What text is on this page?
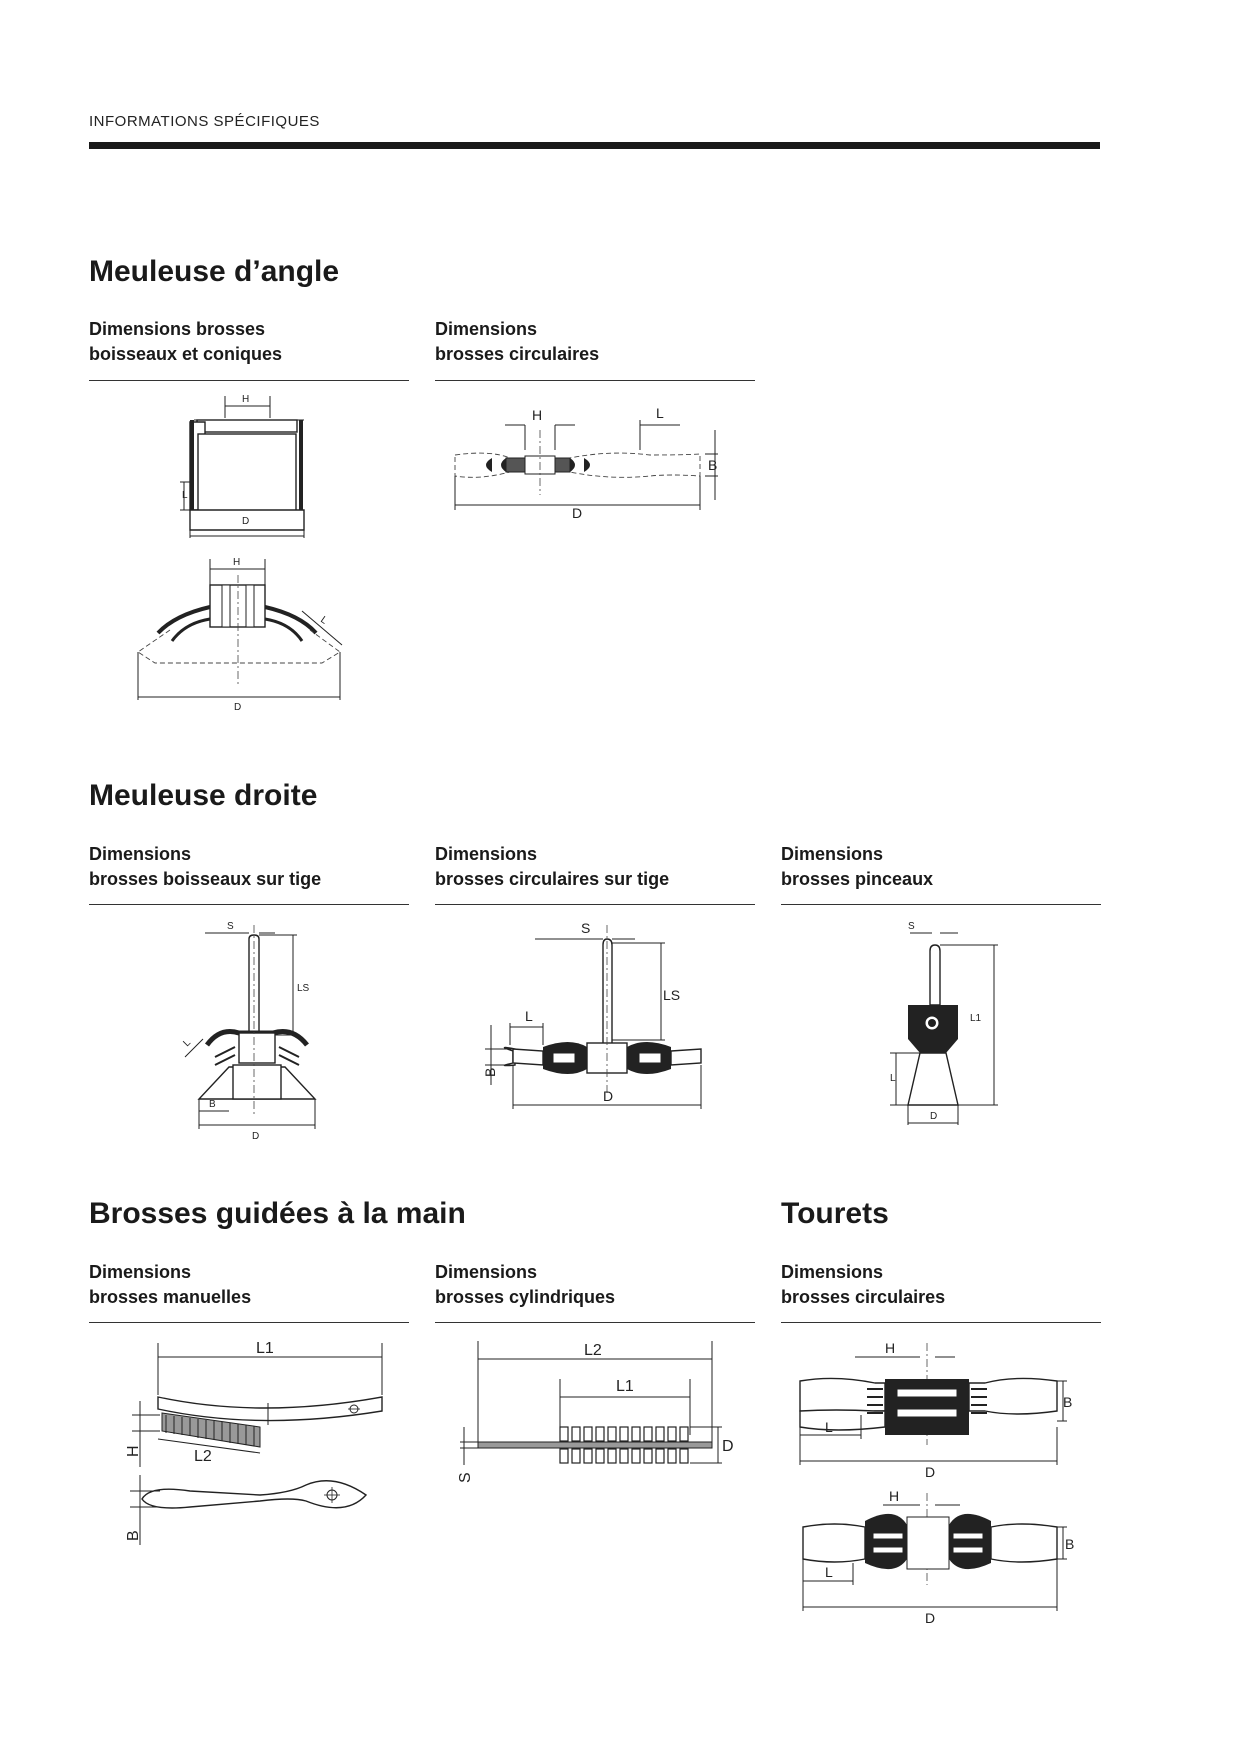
INFORMATIONS SPÉCIFIQUES
Meuleuse d’angle
Dimensions brosses
boisseaux et coniques
Dimensions
brosses circulaires
H
L
D
H
L
D
H	L
B
D
Meuleuse droite
Dimensions
brosses boisseaux sur tige
Dimensions
brosses circulaires sur tige
Dimensions
brosses pinceaux
S
LS
L
B
D
S
LS
L
B
D
S
L1
L
D
Brosses guidées à la main
Dimensions
brosses manuelles
Dimensions
brosses cylindriques
L1
H	L2
B
L2
L1
D
S
Tourets
Dimensions
brosses circulaires
H
B
L
D
H
B
L
D
